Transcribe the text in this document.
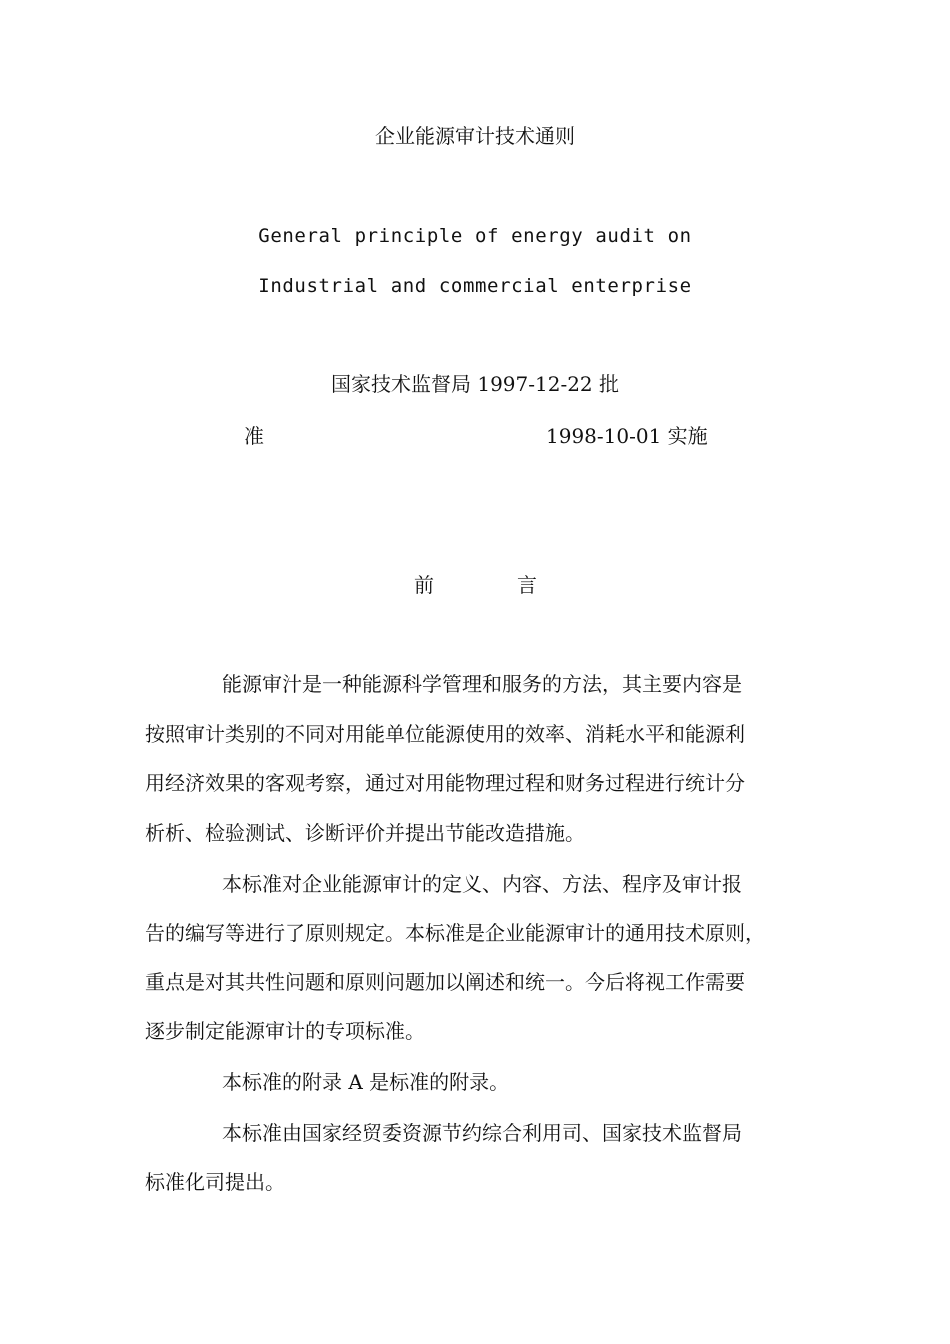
企业能源审计技术通则
General principle of energy audit on
Industrial and commercial enterprise
国家技术监督局 1997-12-22 批
准	1998-10-01 实施
前	言
能源审汁是一种能源科学管理和服务的方法，其主要内容是
按照审计类别的不同对用能单位能源使用的效率、消耗水平和能源利
用经济效果的客观考察，通过对用能物理过程和财务过程进行统计分
析析、检验测试、诊断评价并提出节能改造措施。
本标准对企业能源审计的定义、内容、方法、程序及审计报
告的编写等进行了原则规定。本标准是企业能源审计的通用技术原则，
重点是对其共性问题和原则问题加以阐述和统一。今后将视工作需要
逐步制定能源审计的专项标准。
本标准的附录 A 是标准的附录。
本标准由国家经贸委资源节约综合利用司、国家技术监督局
标准化司提出。
